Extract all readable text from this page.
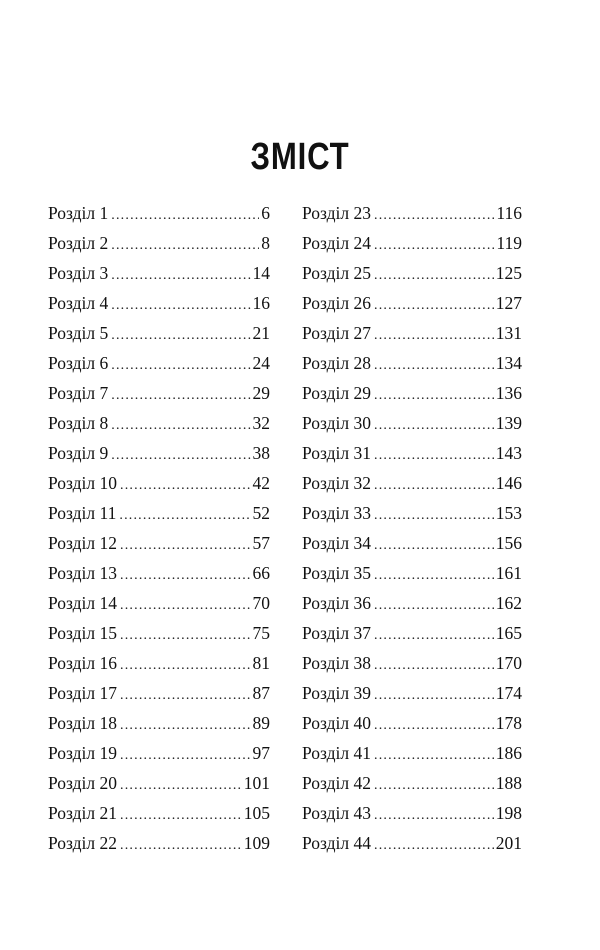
ЗМІСТ
Розділ 1 .....	6
Розділ 2 .....	8
Розділ 3 .....	14
Розділ 4 .....	16
Розділ 5 .....	21
Розділ 6 .....	24
Розділ 7 .....	29
Розділ 8 .....	32
Розділ 9 .....	38
Розділ 10 .....	42
Розділ 11 .....	52
Розділ 12 .....	57
Розділ 13 .....	66
Розділ 14 .....	70
Розділ 15 .....	75
Розділ 16 .....	81
Розділ 17 .....	87
Розділ 18 .....	89
Розділ 19 .....	97
Розділ 20 .....	101
Розділ 21 .....	105
Розділ 22 .....	109
Розділ 23 .....	116
Розділ 24 .....	119
Розділ 25 .....	125
Розділ 26 .....	127
Розділ 27 .....	131
Розділ 28 .....	134
Розділ 29 .....	136
Розділ 30 .....	139
Розділ 31 .....	143
Розділ 32 .....	146
Розділ 33 .....	153
Розділ 34 .....	156
Розділ 35 .....	161
Розділ 36 .....	162
Розділ 37 .....	165
Розділ 38 .....	170
Розділ 39 .....	174
Розділ 40 .....	178
Розділ 41 .....	186
Розділ 42 .....	188
Розділ 43 .....	198
Розділ 44 .....	201
